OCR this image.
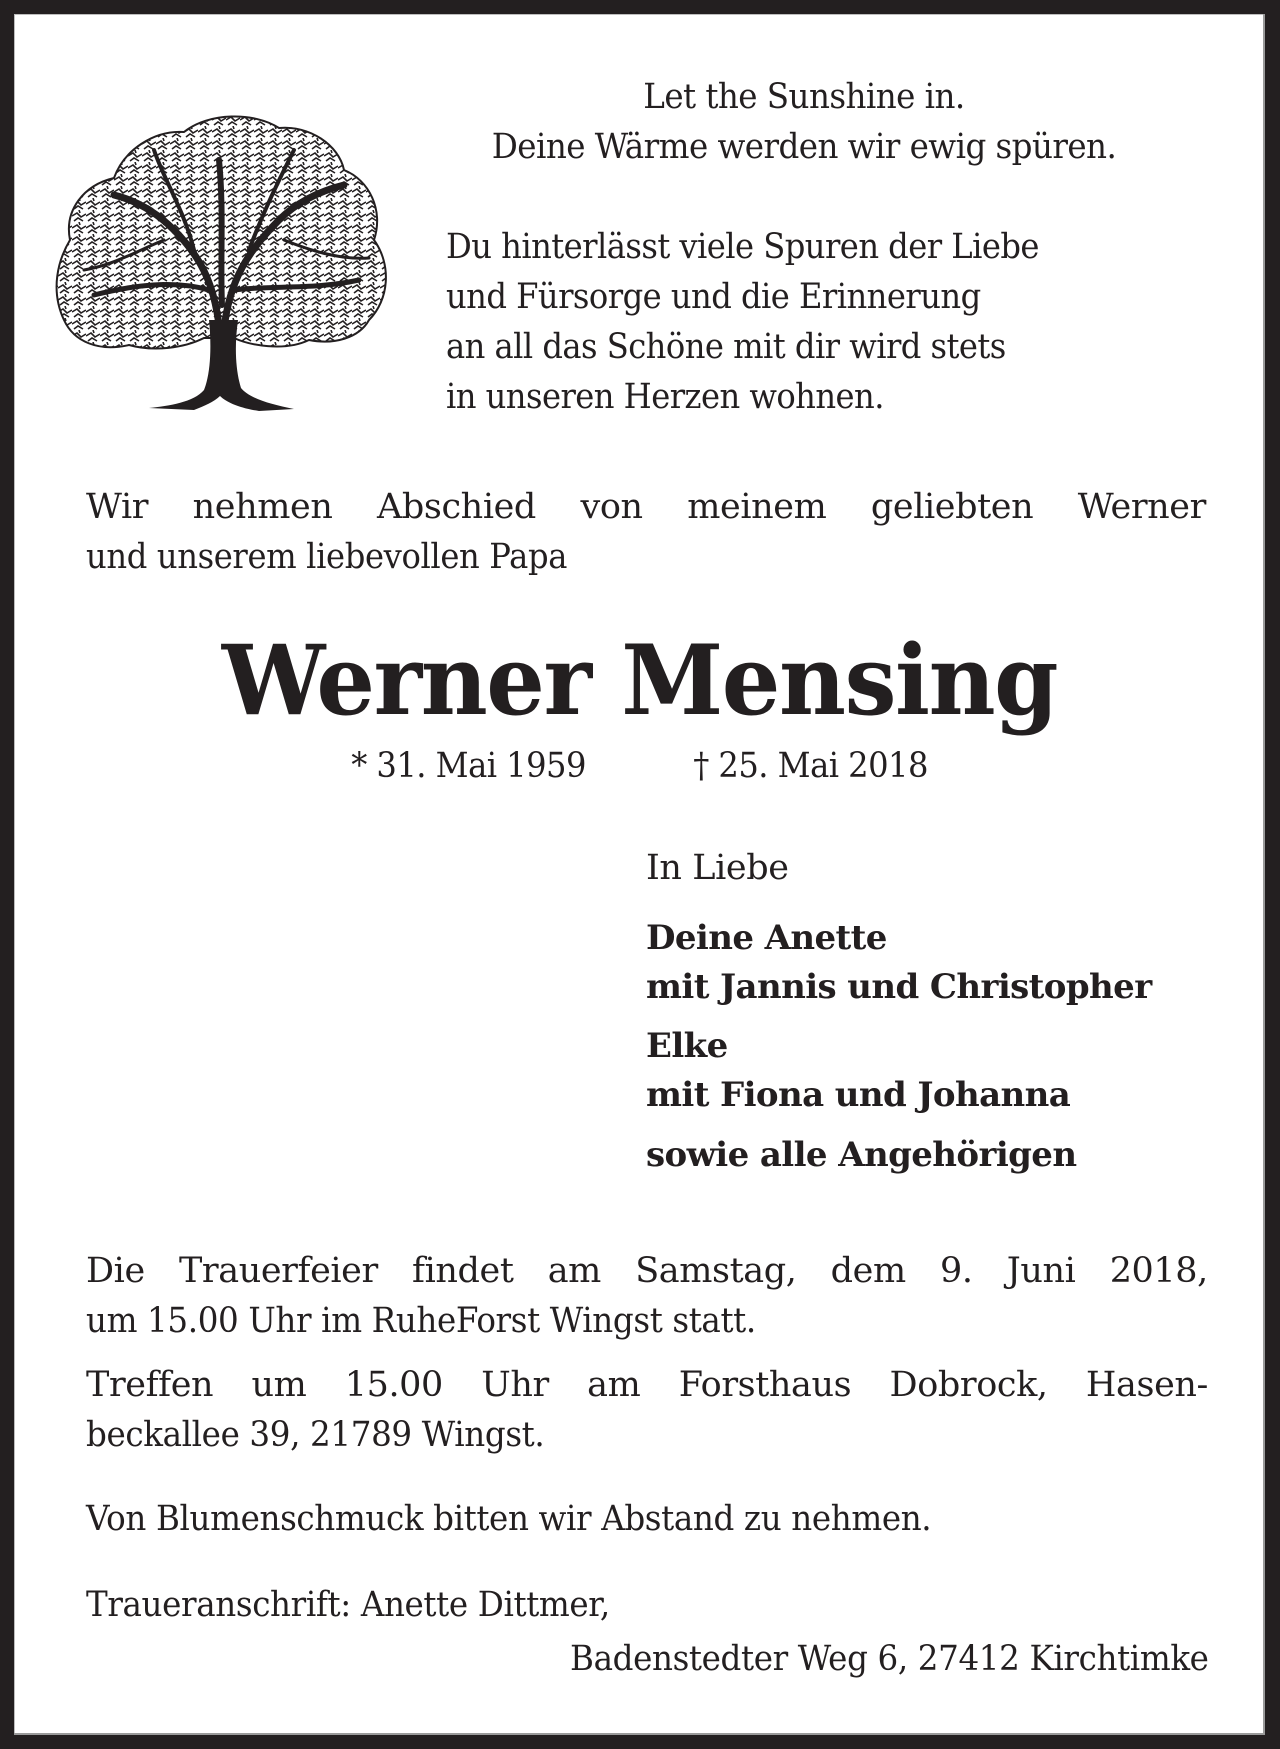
Let the Sunshine in.
Deine Wärme werden wir ewig spüren.
Du hinterlässt viele Spuren der Liebe
und Fürsorge und die Erinnerung
an all das Schöne mit dir wird stets
in unseren Herzen wohnen.
Wir nehmen Abschied von meinem geliebten Werner
und unserem liebevollen Papa
Werner Mensing
* 31. Mai 1959	† 25. Mai 2018
In Liebe
Deine Anette
mit Jannis und Christopher
Elke
mit Fiona und Johanna
sowie alle Angehörigen

Die Trauerfeier findet am Samstag, dem 9. Juni 2018,

um 15.00 Uhr im RuheForst Wingst statt.

Treffen um 15.00 Uhr am Forsthaus Dobrock, Hasen-

beckallee 39, 21789 Wingst.

Von Blumenschmuck bitten wir Abstand zu nehmen.

Traueranschrift: Anette Dittmer,

Badenstedter Weg 6, 27412 Kirchtimke
